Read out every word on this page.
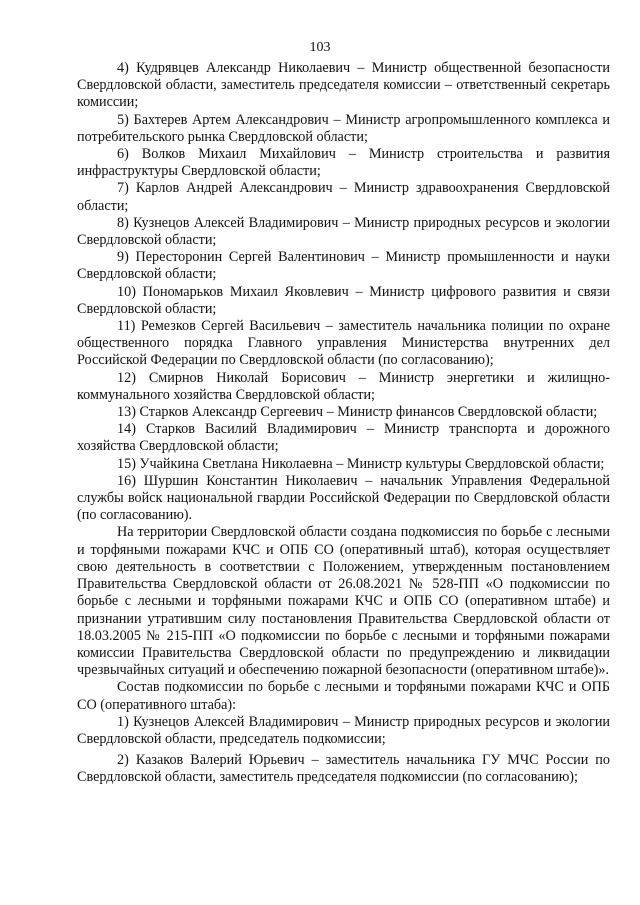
103

4) Кудрявцев Александр Николаевич – Министр общественной безопасности Свердловской области, заместитель председателя комиссии – ответственный секретарь комиссии;

5) Бахтерев Артем Александрович – Министр агропромышленного комплекса и потребительского рынка Свердловской области;

6) Волков Михаил Михайлович – Министр строительства и развития инфраструктуры Свердловской области;

7) Карлов Андрей Александрович – Министр здравоохранения Свердловской области;

8) Кузнецов Алексей Владимирович – Министр природных ресурсов и экологии Свердловской области;

9) Пересторонин Сергей Валентинович – Министр промышленности и науки Свердловской области;

10) Пономарьков Михаил Яковлевич – Министр цифрового развития и связи Свердловской области;

11) Ремезков Сергей Васильевич – заместитель начальника полиции по охране общественного порядка Главного управления Министерства внутренних дел Российской Федерации по Свердловской области (по согласованию);

12) Смирнов Николай Борисович – Министр энергетики и жилищно-коммунального хозяйства Свердловской области;

13) Старков Александр Сергеевич – Министр финансов Свердловской области;

14) Старков Василий Владимирович – Министр транспорта и дорожного хозяйства Свердловской области;

15) Учайкина Светлана Николаевна – Министр культуры Свердловской области;

16) Шуршин Константин Николаевич – начальник Управления Федеральной службы войск национальной гвардии Российской Федерации по Свердловской области (по согласованию).

На территории Свердловской области создана подкомиссия по борьбе с лесными и торфяными пожарами КЧС и ОПБ СО (оперативный штаб), которая осуществляет свою деятельность в соответствии с Положением, утвержденным постановлением Правительства Свердловской области от 26.08.2021 № 528-ПП «О подкомиссии по борьбе с лесными и торфяными пожарами КЧС и ОПБ СО (оперативном штабе) и признании утратившим силу постановления Правительства Свердловской области от 18.03.2005 № 215-ПП «О подкомиссии по борьбе с лесными и торфяными пожарами комиссии Правительства Свердловской области по предупреждению и ликвидации чрезвычайных ситуаций и обеспечению пожарной безопасности (оперативном штабе)».

Состав подкомиссии по борьбе с лесными и торфяными пожарами КЧС и ОПБ СО (оперативного штаба):

1) Кузнецов Алексей Владимирович – Министр природных ресурсов и экологии Свердловской области, председатель подкомиссии;

2) Казаков Валерий Юрьевич – заместитель начальника ГУ МЧС России по Свердловской области, заместитель председателя подкомиссии (по согласованию);
